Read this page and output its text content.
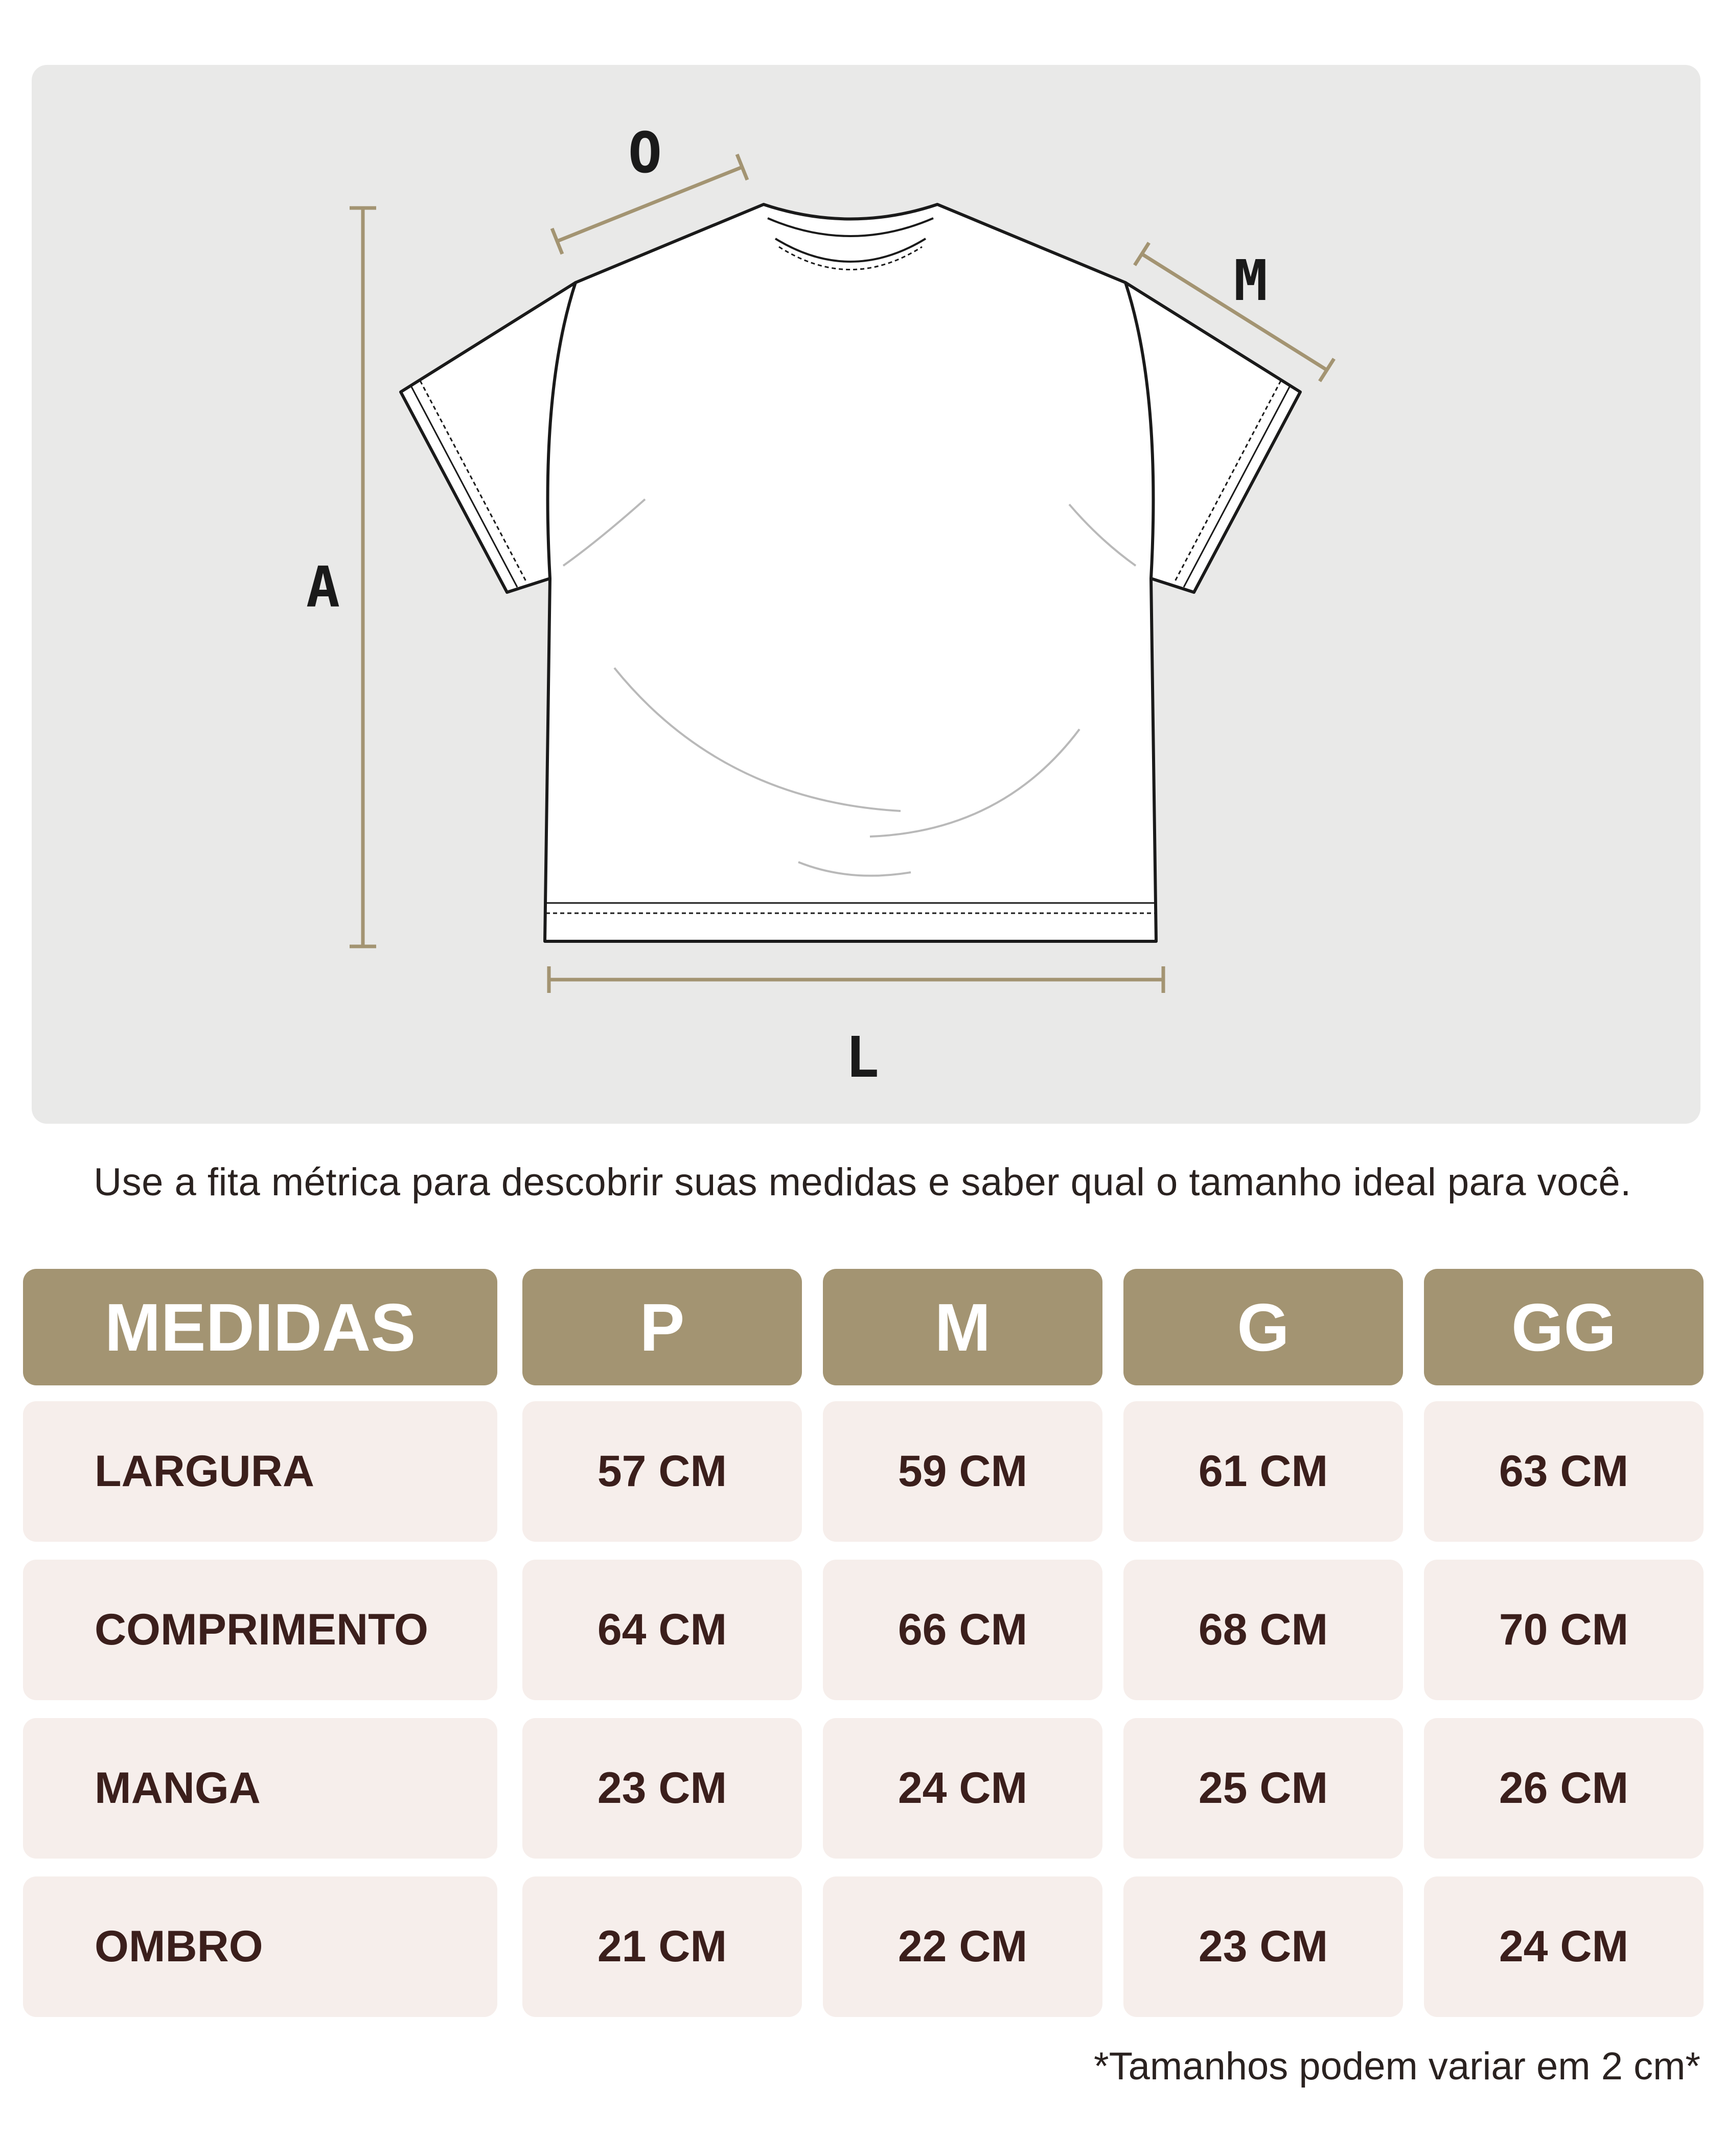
O
M
A
L
Use a fita métrica para descobrir suas medidas e saber qual o tamanho ideal para você.
MEDIDAS	P	M	G	GG
LARGURA	57 CM	59 CM	61 CM	63 CM
COMPRIMENTO	64 CM	66 CM	68 CM	70 CM
MANGA	23 CM	24 CM	25 CM	26 CM
OMBRO	21 CM	22 CM	23 CM	24 CM
*Tamanhos podem variar em 2 cm*
